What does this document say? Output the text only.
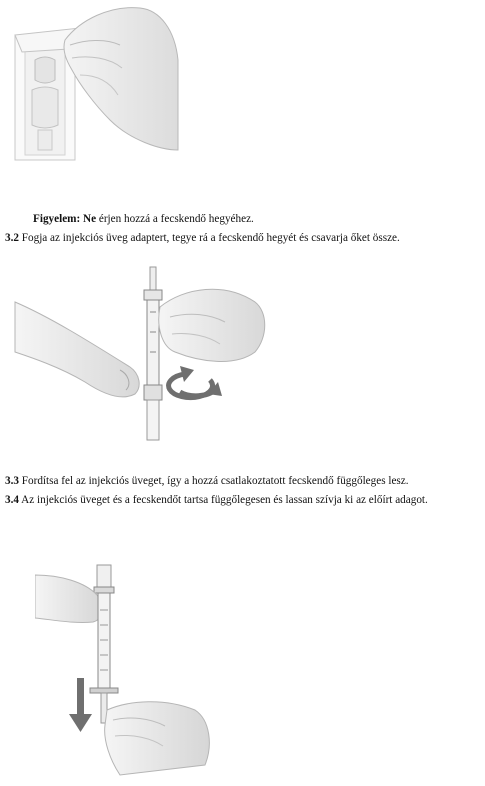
Figyelem: Ne érjen hozzá a fecskendő hegyéhez.
3.2 Fogja az injekciós üveg adaptert, tegye rá a fecskendő hegyét és csavarja őket össze.
3.3 Fordítsa fel az injekciós üveget, így a hozzá csatlakoztatott fecskendő függőleges lesz.
3.4 Az injekciós üveget és a fecskendőt tartsa függőlegesen és lassan szívja ki az előírt adagot.
